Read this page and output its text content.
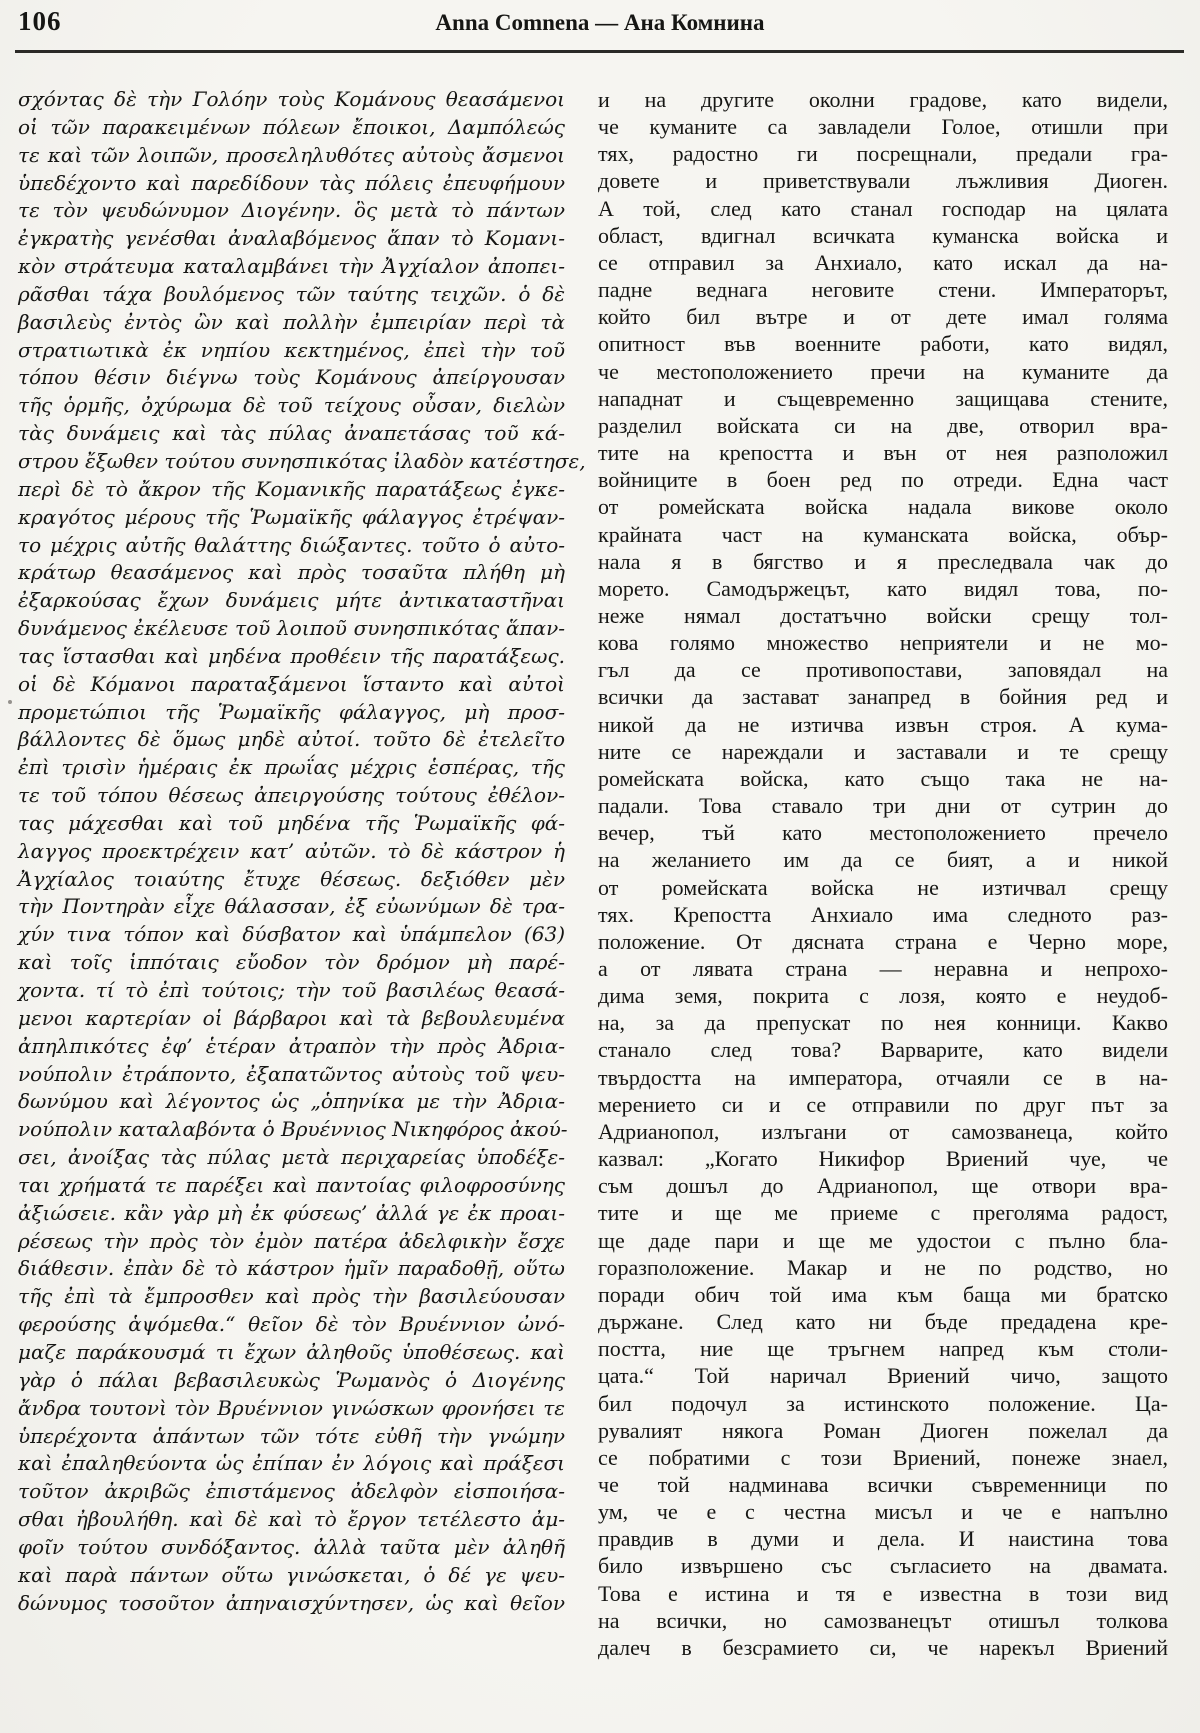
106	Anna Comnena — Ана Комнина
σχόντας δὲ τὴν Γολόην τοὺς Κομάνους θεασάμενοι
οἱ τῶν παρακειμένων πόλεων ἔποικοι, Δαμπόλεώς
τε καὶ τῶν λοιπῶν, προσεληλυθότες αὐτοὺς ἄσμενοι
ὑπεδέχοντο καὶ παρεδίδουν τὰς πόλεις ἐπευφήμουν
τε τὸν ψευδώνυμον Διογένην. ὃς μετὰ τὸ πάντων
ἐγκρατὴς γενέσθαι ἀναλαβόμενος ἅπαν τὸ Κομανι-
κὸν στράτευμα καταλαμβάνει τὴν Ἀγχίαλον ἀποπει-
ρᾶσθαι τάχα βουλόμενος τῶν ταύτης τειχῶν. ὁ δὲ
βασιλεὺς ἐντὸς ὢν καὶ πολλὴν ἐμπειρίαν περὶ τὰ
στρατιωτικὰ ἐκ νηπίου κεκτημένος, ἐπεὶ τὴν τοῦ
τόπου θέσιν διέγνω τοὺς Κομάνους ἀπείργουσαν
τῆς ὁρμῆς, ὀχύρωμα δὲ τοῦ τείχους οὖσαν, διελὼν
τὰς δυνάμεις καὶ τὰς πύλας ἀναπετάσας τοῦ κά-
στρου ἔξωθεν τούτου συνησπικότας ἰλαδὸν κατέστησε,
περὶ δὲ τὸ ἄκρον τῆς Κομανικῆς παρατάξεως ἐγκε-
κραγότος μέρους τῆς Ῥωμαϊκῆς φάλαγγος ἐτρέψαν-
το μέχρις αὐτῆς θαλάττης διώξαντες. τοῦτο ὁ αὐτο-
κράτωρ θεασάμενος καὶ πρὸς τοσαῦτα πλήθη μὴ
ἐξαρκούσας ἔχων δυνάμεις μήτε ἀντικαταστῆναι
δυνάμενος ἐκέλευσε τοῦ λοιποῦ συνησπικότας ἅπαν-
τας ἵστασθαι καὶ μηδένα προθέειν τῆς παρατάξεως.
οἱ δὲ Κόμανοι παραταξάμενοι ἵσταντο καὶ αὐτοὶ
προμετώπιοι τῆς Ῥωμαϊκῆς φάλαγγος, μὴ προσ-
βάλλοντες δὲ ὅμως μηδὲ αὐτοί. τοῦτο δὲ ἐτελεῖτο
ἐπὶ τρισὶν ἡμέραις ἐκ πρωΐας μέχρις ἑσπέρας, τῆς
τε τοῦ τόπου θέσεως ἀπειργούσης τούτους ἐθέλον-
τας μάχεσθαι καὶ τοῦ μηδένα τῆς Ῥωμαϊκῆς φά-
λαγγος προεκτρέχειν κατ’ αὐτῶν. τὸ δὲ κάστρον ἡ
Ἀγχίαλος τοιαύτης ἔτυχε θέσεως. δεξιόθεν μὲν
τὴν Ποντηρὰν εἶχε θάλασσαν, ἐξ εὐωνύμων δὲ τρα-
χύν τινα τόπον καὶ δύσβατον καὶ ὑπάμπελον (63)
καὶ τοῖς ἱππόταις εὔοδον τὸν δρόμον μὴ παρέ-
χοντα. τί τὸ ἐπὶ τούτοις; τὴν τοῦ βασιλέως θεασά-
μενοι καρτερίαν οἱ βάρβαροι καὶ τὰ βεβουλευμένα
ἀπηλπικότες ἐφ’ ἑτέραν ἀτραπὸν τὴν πρὸς Ἀδρια-
νούπολιν ἐτράποντο, ἐξαπατῶντος αὐτοὺς τοῦ ψευ-
δωνύμου καὶ λέγοντος ὡς „ὁπηνίκα με τὴν Ἀδρια-
νούπολιν καταλαβόντα ὁ Βρυέννιος Νικηφόρος ἀκού-
σει, ἀνοίξας τὰς πύλας μετὰ περιχαρείας ὑποδέξε-
ται χρήματά τε παρέξει καὶ παντοίας φιλοφροσύνης
ἀξιώσειε. κἂν γὰρ μὴ ἐκ φύσεως’ ἀλλά γε ἐκ προαι-
ρέσεως τὴν πρὸς τὸν ἐμὸν πατέρα ἀδελφικὴν ἔσχε
διάθεσιν. ἐπὰν δὲ τὸ κάστρον ἡμῖν παραδοθῇ, οὕτω
τῆς ἐπὶ τὰ ἔμπροσθεν καὶ πρὸς τὴν βασιλεύουσαν
φερούσης ἁψόμεθα.“ θεῖον δὲ τὸν Βρυέννιον ὠνό-
μαζε παράκουσμά τι ἔχων ἀληθοῦς ὑποθέσεως. καὶ
γὰρ ὁ πάλαι βεβασιλευκὼς Ῥωμανὸς ὁ Διογένης
ἄνδρα τουτονὶ τὸν Βρυέννιον γινώσκων φρονήσει τε
ὑπερέχοντα ἁπάντων τῶν τότε εὐθῆ τὴν γνώμην
καὶ ἐπαληθεύοντα ὡς ἐπίπαν ἐν λόγοις καὶ πράξεσι
τοῦτον ἀκριβῶς ἐπιστάμενος ἀδελφὸν εἰσποιήσα-
σθαι ἠβουλήθη. καὶ δὲ καὶ τὸ ἔργον τετέλεστο ἀμ-
φοῖν τούτου συνδόξαντος. ἀλλὰ ταῦτα μὲν ἀληθῆ
καὶ παρὰ πάντων οὕτω γινώσκεται, ὁ δέ γε ψευ-
δώνυμος τοσοῦτον ἀπηναισχύντησεν, ὡς καὶ θεῖον
и на другите околни градове, като видели,
че куманите са завладели Голое, отишли при
тях, радостно ги посрещнали, предали гра-
довете и приветствували лъжливия Диоген.
А той, след като станал господар на цялата
област, вдигнал всичката куманска войска и
се отправил за Анхиало, като искал да на-
падне веднага неговите стени. Императорът,
който бил вътре и от дете имал голяма
опитност във военните работи, като видял,
че местоположението пречи на куманите да
нападнат и същевременно защищава стените,
разделил войската си на две, отворил вра-
тите на крепостта и вън от нея разположил
войниците в боен ред по отреди. Една част
от ромейската войска надала викове около
крайната част на куманската войска, обър-
нала я в бягство и я преследвала чак до
морето. Самодържецът, като видял това, по-
неже нямал достатъчно войски срещу тол-
кова голямо множество неприятели и не мо-
гъл да се противопостави, заповядал на
всички да застават занапред в бойния ред и
никой да не изтичва извън строя. А кума-
ните се нареждали и заставали и те срещу
ромейската войска, като също така не на-
падали. Това ставало три дни от сутрин до
вечер, тъй като местоположението пречело
на желанието им да се бият, а и никой
от ромейската войска не изтичвал срещу
тях. Крепостта Анхиало има следното раз-
положение. От дясната страна е Черно море,
а от лявата страна — неравна и непрохо-
дима земя, покрита с лозя, която е неудоб-
на, за да препускат по нея конници. Какво
станало след това? Варварите, като видели
твърдостта на императора, отчаяли се в на-
мерението си и се отправили по друг път за
Адрианопол, излъгани от самозванеца, който
казвал: „Когато Никифор Вриений чуе, че
съм дошъл до Адрианопол, ще отвори вра-
тите и ще ме приеме с преголяма радост,
ще даде пари и ще ме удостои с пълно бла-
горазположение. Макар и не по родство, но
поради обич той има към баща ми братско
държане. След като ни бъде предадена кре-
постта, ние ще тръгнем напред към столи-
цата.“ Той наричал Вриений чичо, защото
бил подочул за истинското положение. Ца-
рувалият някога Роман Диоген пожелал да
се побратими с този Вриений, понеже знаел,
че той надминава всички съвременници по
ум, че е с честна мисъл и че е напълно
правдив в думи и дела. И наистина това
било извършено със съгласието на двамата.
Това е истина и тя е известна в този вид
на всички, но самозванецът отишъл толкова
далеч в безсрамието си, че нарекъл Вриений
